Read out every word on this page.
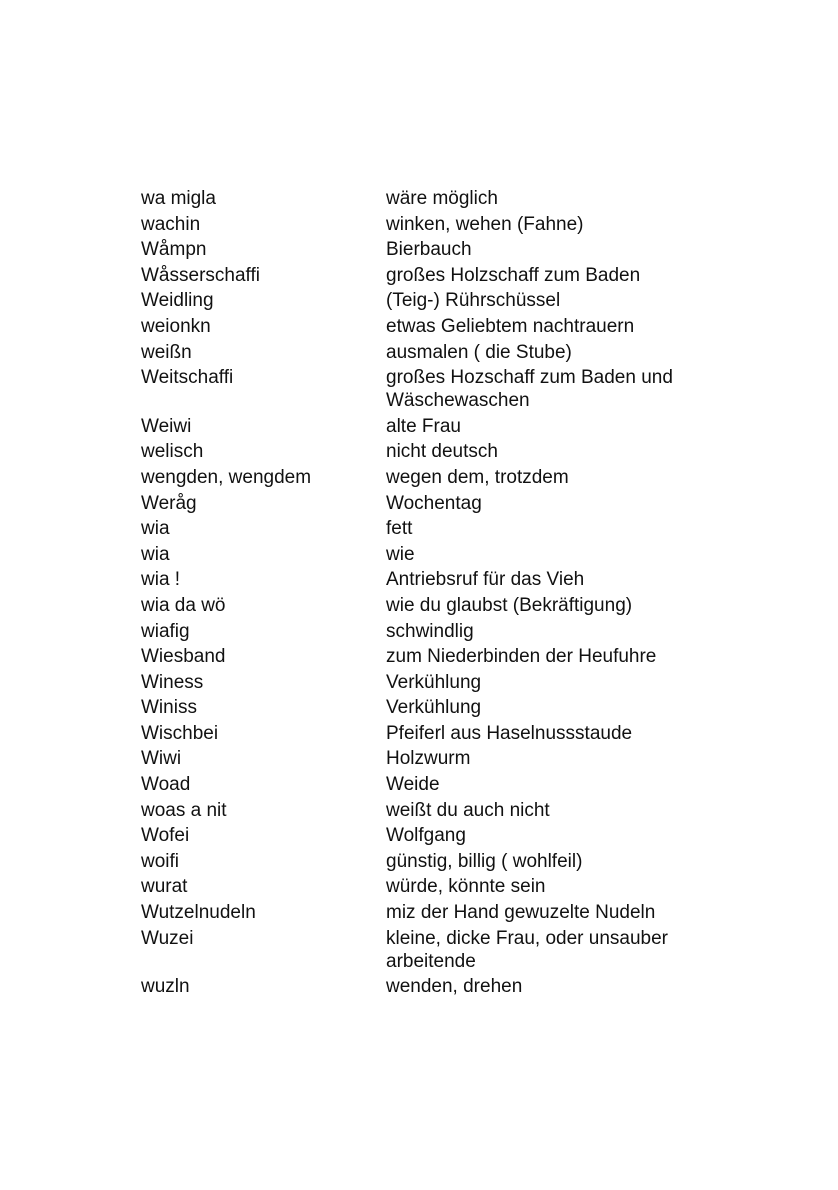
wa migla	wäre möglich
wachin	winken, wehen (Fahne)
Wåmpn	Bierbauch
Wåsserschaffi	großes Holzschaff zum Baden
Weidling	(Teig-) Rührschüssel
weionkn	etwas Geliebtem nachtrauern
weißn	ausmalen ( die Stube)
Weitschaffi	großes Hozschaff zum Baden und Wäschewaschen
Weiwi	alte Frau
welisch	nicht deutsch
wengden, wengdem	wegen dem, trotzdem
Weråg	Wochentag
wia	fett
wia	wie
wia !	Antriebsruf für das Vieh
wia da wö	wie du glaubst (Bekräftigung)
wiafig	schwindlig
Wiesband	zum Niederbinden der Heufuhre
Winess	Verkühlung
Winiss	Verkühlung
Wischbei	Pfeiferl aus Haselnussstaude
Wiwi	Holzwurm
Woad	Weide
woas a nit	weißt du auch nicht
Wofei	Wolfgang
woifi	günstig, billig ( wohlfeil)
wurat	würde, könnte sein
Wutzelnudeln	miz der Hand gewuzelte Nudeln
Wuzei	kleine, dicke Frau, oder unsauber arbeitende
wuzln	wenden, drehen
